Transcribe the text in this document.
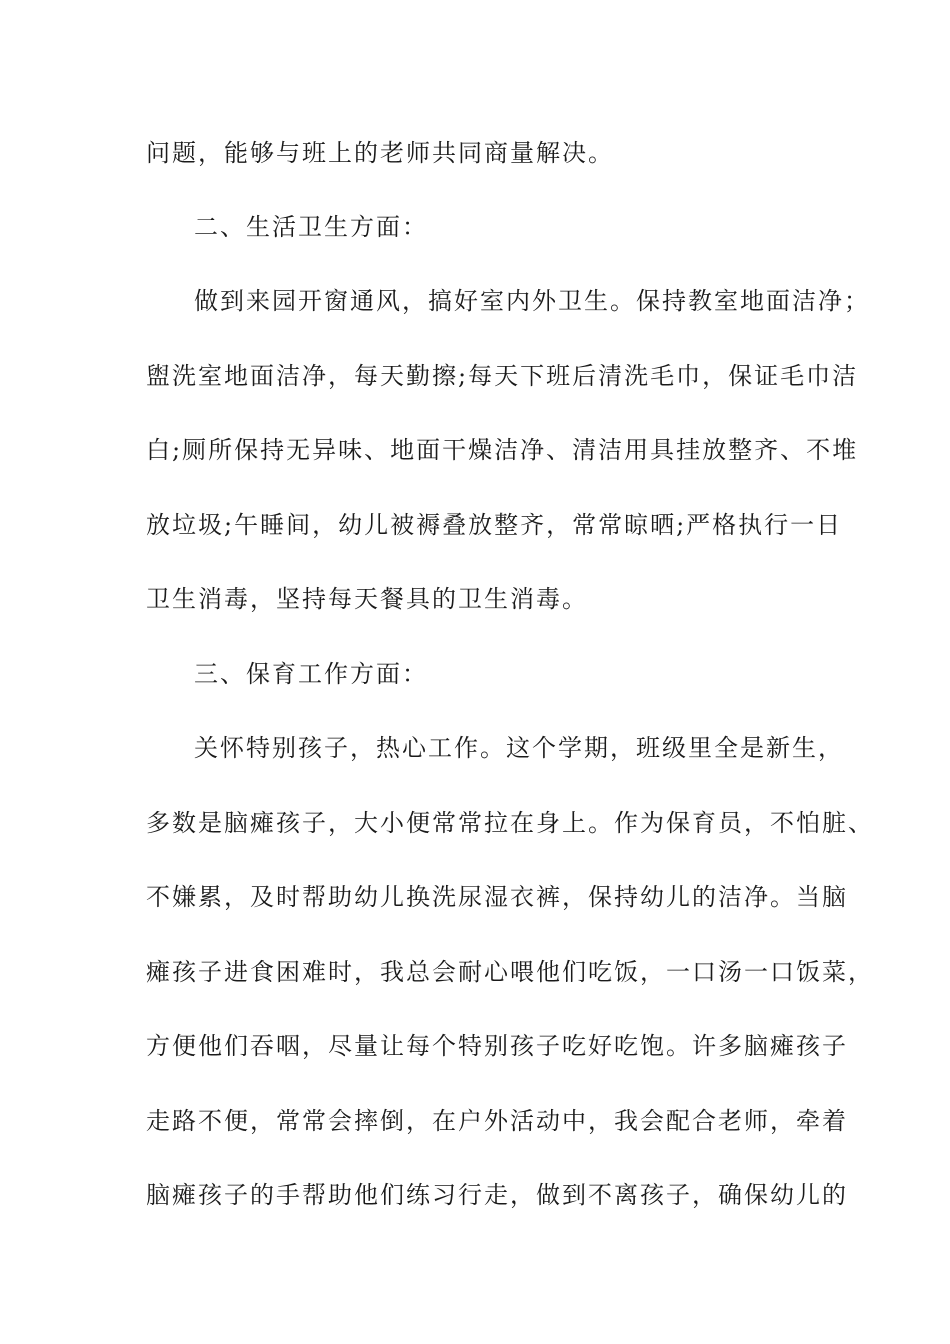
问题，能够与班上的老师共同商量解决。
二、生活卫生方面：
做到来园开窗通风，搞好室内外卫生。保持教室地面洁净；
盥洗室地面洁净，每天勤擦;每天下班后清洗毛巾，保证毛巾洁
白;厕所保持无异味、地面干燥洁净、清洁用具挂放整齐、不堆
放垃圾;午睡间，幼儿被褥叠放整齐，常常晾晒;严格执行一日
卫生消毒，坚持每天餐具的卫生消毒。
三、保育工作方面：
关怀特别孩子，热心工作。这个学期，班级里全是新生，
多数是脑瘫孩子，大小便常常拉在身上。作为保育员，不怕脏、
不嫌累，及时帮助幼儿换洗尿湿衣裤，保持幼儿的洁净。当脑
瘫孩子进食困难时，我总会耐心喂他们吃饭，一口汤一口饭菜，
方便他们吞咽，尽量让每个特别孩子吃好吃饱。许多脑瘫孩子
走路不便，常常会摔倒，在户外活动中，我会配合老师，牵着
脑瘫孩子的手帮助他们练习行走，做到不离孩子，确保幼儿的
